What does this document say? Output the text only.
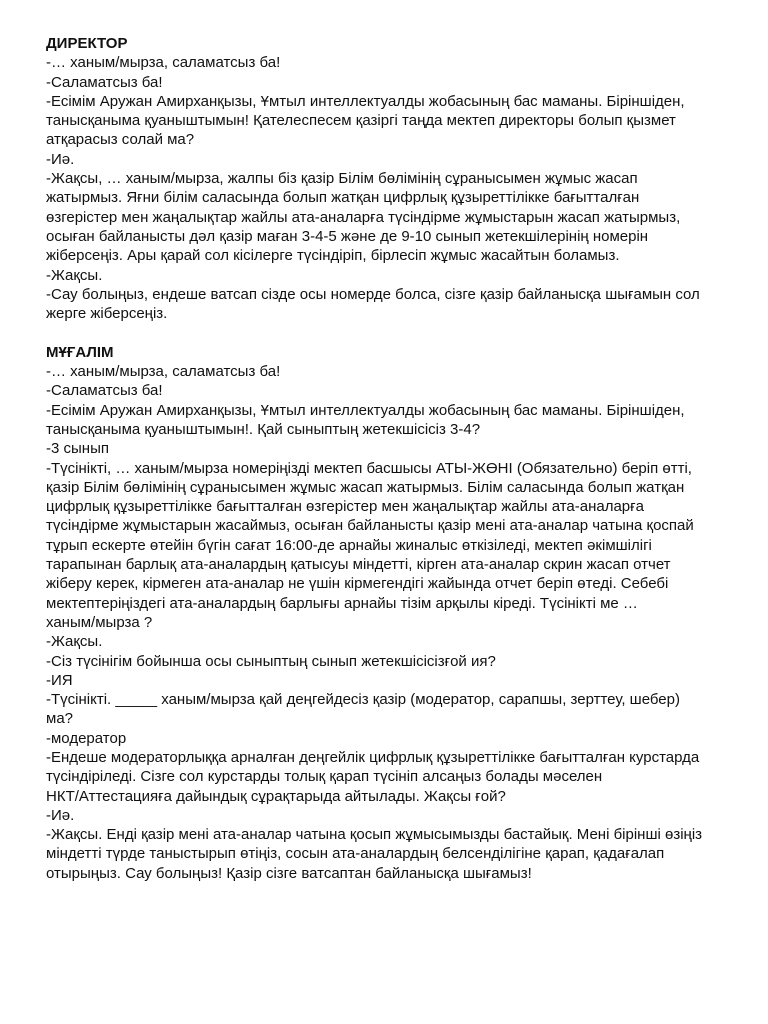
ДИРЕКТОР
-… ханым/мырза, саламатсыз ба!
-Саламатсыз ба!
-Есімім Аружан Амирханқызы, Ұмтыл интеллектуалды жобасының бас маманы. Біріншіден,
танысқаныма қуаныштымын! Қателеспесем қазіргі таңда мектеп директоры болып қызмет
атқарасыз солай ма?
-Иә.
-Жақсы, … ханым/мырза, жалпы біз қазір Білім бөлімінің сұранысымен жұмыс жасап
жатырмыз. Яғни білім саласында болып жатқан цифрлық құзыреттілікке бағытталған
өзгерістер мен жаңалықтар жайлы ата-аналарға түсіндірме жұмыстарын жасап жатырмыз,
осыған байланысты дәл қазір маған 3-4-5 және де 9-10 сынып жетекшілерінің номерін
жіберсеңіз. Ары қарай сол кісілерге түсіндіріп, бірлесіп жұмыс жасайтын боламыз.
-Жақсы.
-Сау болыңыз, ендеше ватсап сізде осы номерде болса, сізге қазір байланысқа шығамын сол
жерге жіберсеңіз.
МҰҒАЛІМ
-… ханым/мырза, саламатсыз ба!
-Саламатсыз ба!
-Есімім Аружан Амирханқызы, Ұмтыл интеллектуалды жобасының бас маманы. Біріншіден,
танысқаныма қуаныштымын!. Қай сыныптың жетекшісісіз 3-4?
-3 сынып
-Түсінікті, … ханым/мырза номеріңізді мектеп басшысы АТЫ-ЖӨНІ (Обязательно) беріп өтті,
қазір Білім бөлімінің сұранысымен жұмыс жасап жатырмыз. Білім саласында болып жатқан
цифрлық құзыреттілікке бағытталған өзгерістер мен жаңалықтар жайлы ата-аналарға
түсіндірме жұмыстарын жасаймыз, осыған байланысты қазір мені ата-аналар чатына қоспай
тұрып ескерте өтейін бүгін сағат 16:00-де арнайы жиналыс өткізіледі, мектеп әкімшілігі
тарапынан барлық ата-аналардың қатысуы міндетті, кірген ата-аналар скрин жасап отчет
жіберу керек, кірмеген ата-аналар не үшін кірмегендігі жайында отчет беріп өтеді. Себебі
мектептеріңіздегі ата-аналардың барлығы арнайы тізім арқылы кіреді. Түсінікті ме …
ханым/мырза ?
-Жақсы.
-Сіз түсінігім бойынша осы сыныптың сынып жетекшісісізғой ия?
-ИЯ
-Түсінікті. _____ ханым/мырза қай деңгейдесіз қазір (модератор, сарапшы, зерттеу, шебер)
ма?
-модератор
-Ендеше модераторлыққа арналған деңгейлік цифрлық құзыреттілікке бағытталған курстарда
түсіндіріледі. Сізге сол курстарды толық қарап түсініп алсаңыз болады мәселен
НКТ/Аттестацияға дайындық сұрақтарыда айтылады. Жақсы ғой?
-Иә.
-Жақсы. Енді қазір мені ата-аналар чатына қосып жұмысымызды бастайық. Мені бірінші өзіңіз
міндетті түрде таныстырып өтіңіз, сосын ата-аналардың белсенділігіне қарап, қадағалап
отырыңыз. Сау болыңыз! Қазір сізге ватсаптан байланысқа шығамыз!
